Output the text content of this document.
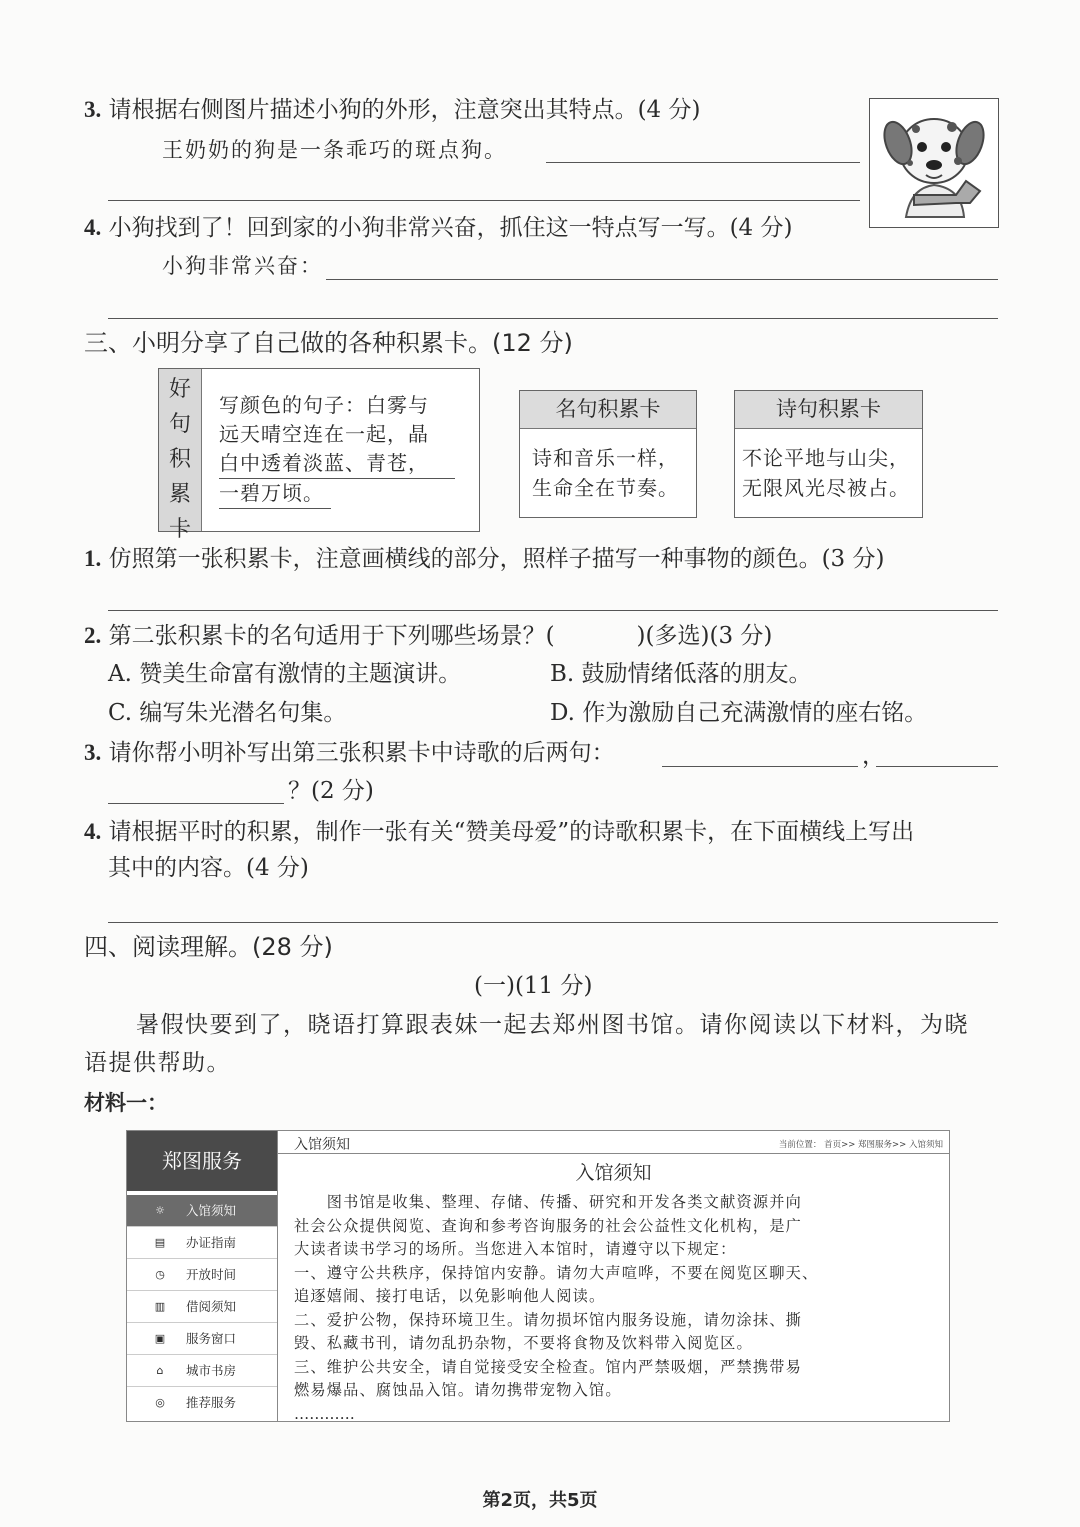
3. 请根据右侧图片描述小狗的外形，注意突出其特点。(4 分)
王奶奶的狗是一条乖巧的斑点狗。
4. 小狗找到了！回到家的小狗非常兴奋，抓住这一特点写一写。(4 分)
小狗非常兴奋：
三、小明分享了自己做的各种积累卡。(12 分)
好
句
积
累
卡
写颜色的句子：白雾与
远天晴空连在一起，晶
白中透着淡蓝、青苍，
一碧万顷。
名句积累卡
诗和音乐一样，
生命全在节奏。
诗句积累卡
不论平地与山尖，
无限风光尽被占。
1. 仿照第一张积累卡，注意画横线的部分，照样子描写一种事物的颜色。(3 分)
2. 第二张积累卡的名句适用于下列哪些场景？(	)(多选)(3 分)
A. 赞美生命富有激情的主题演讲。	B. 鼓励情绪低落的朋友。
C. 编写朱光潜名句集。	D. 作为激励自己充满激情的座右铭。
3. 请你帮小明补写出第三张积累卡中诗歌的后两句：	，
？(2 分)
4. 请根据平时的积累，制作一张有关“赞美母爱”的诗歌积累卡，在下面横线上写出
其中的内容。(4 分)
四、阅读理解。(28 分)
(一)(11 分)
暑假快要到了，晓语打算跟表妹一起去郑州图书馆。请你阅读以下材料，为晓
语提供帮助。
材料一：
郑图服务
☼ 入馆须知
▤ 办证指南
◷ 开放时间
▥ 借阅须知
▣ 服务窗口
⌂ 城市书房
◎ 推荐服务
入馆须知	当前位置： 首页>> 郑图服务>> 入馆须知
入馆须知

　　图书馆是收集、整理、存储、传播、研究和开发各类文献资源并向

社会公众提供阅览、查询和参考咨询服务的社会公益性文化机构，是广

大读者读书学习的场所。当您进入本馆时，请遵守以下规定：

一、遵守公共秩序，保持馆内安静。请勿大声喧哗，不要在阅览区聊天、

追逐嬉闹、接打电话，以免影响他人阅读。

二、爱护公物，保持环境卫生。请勿损坏馆内服务设施，请勿涂抹、撕

毁、私藏书刊，请勿乱扔杂物，不要将食物及饮料带入阅览区。

三、维护公共安全，请自觉接受安全检查。馆内严禁吸烟，严禁携带易

燃易爆品、腐蚀品入馆。请勿携带宠物入馆。

…………

第2页，共5页
